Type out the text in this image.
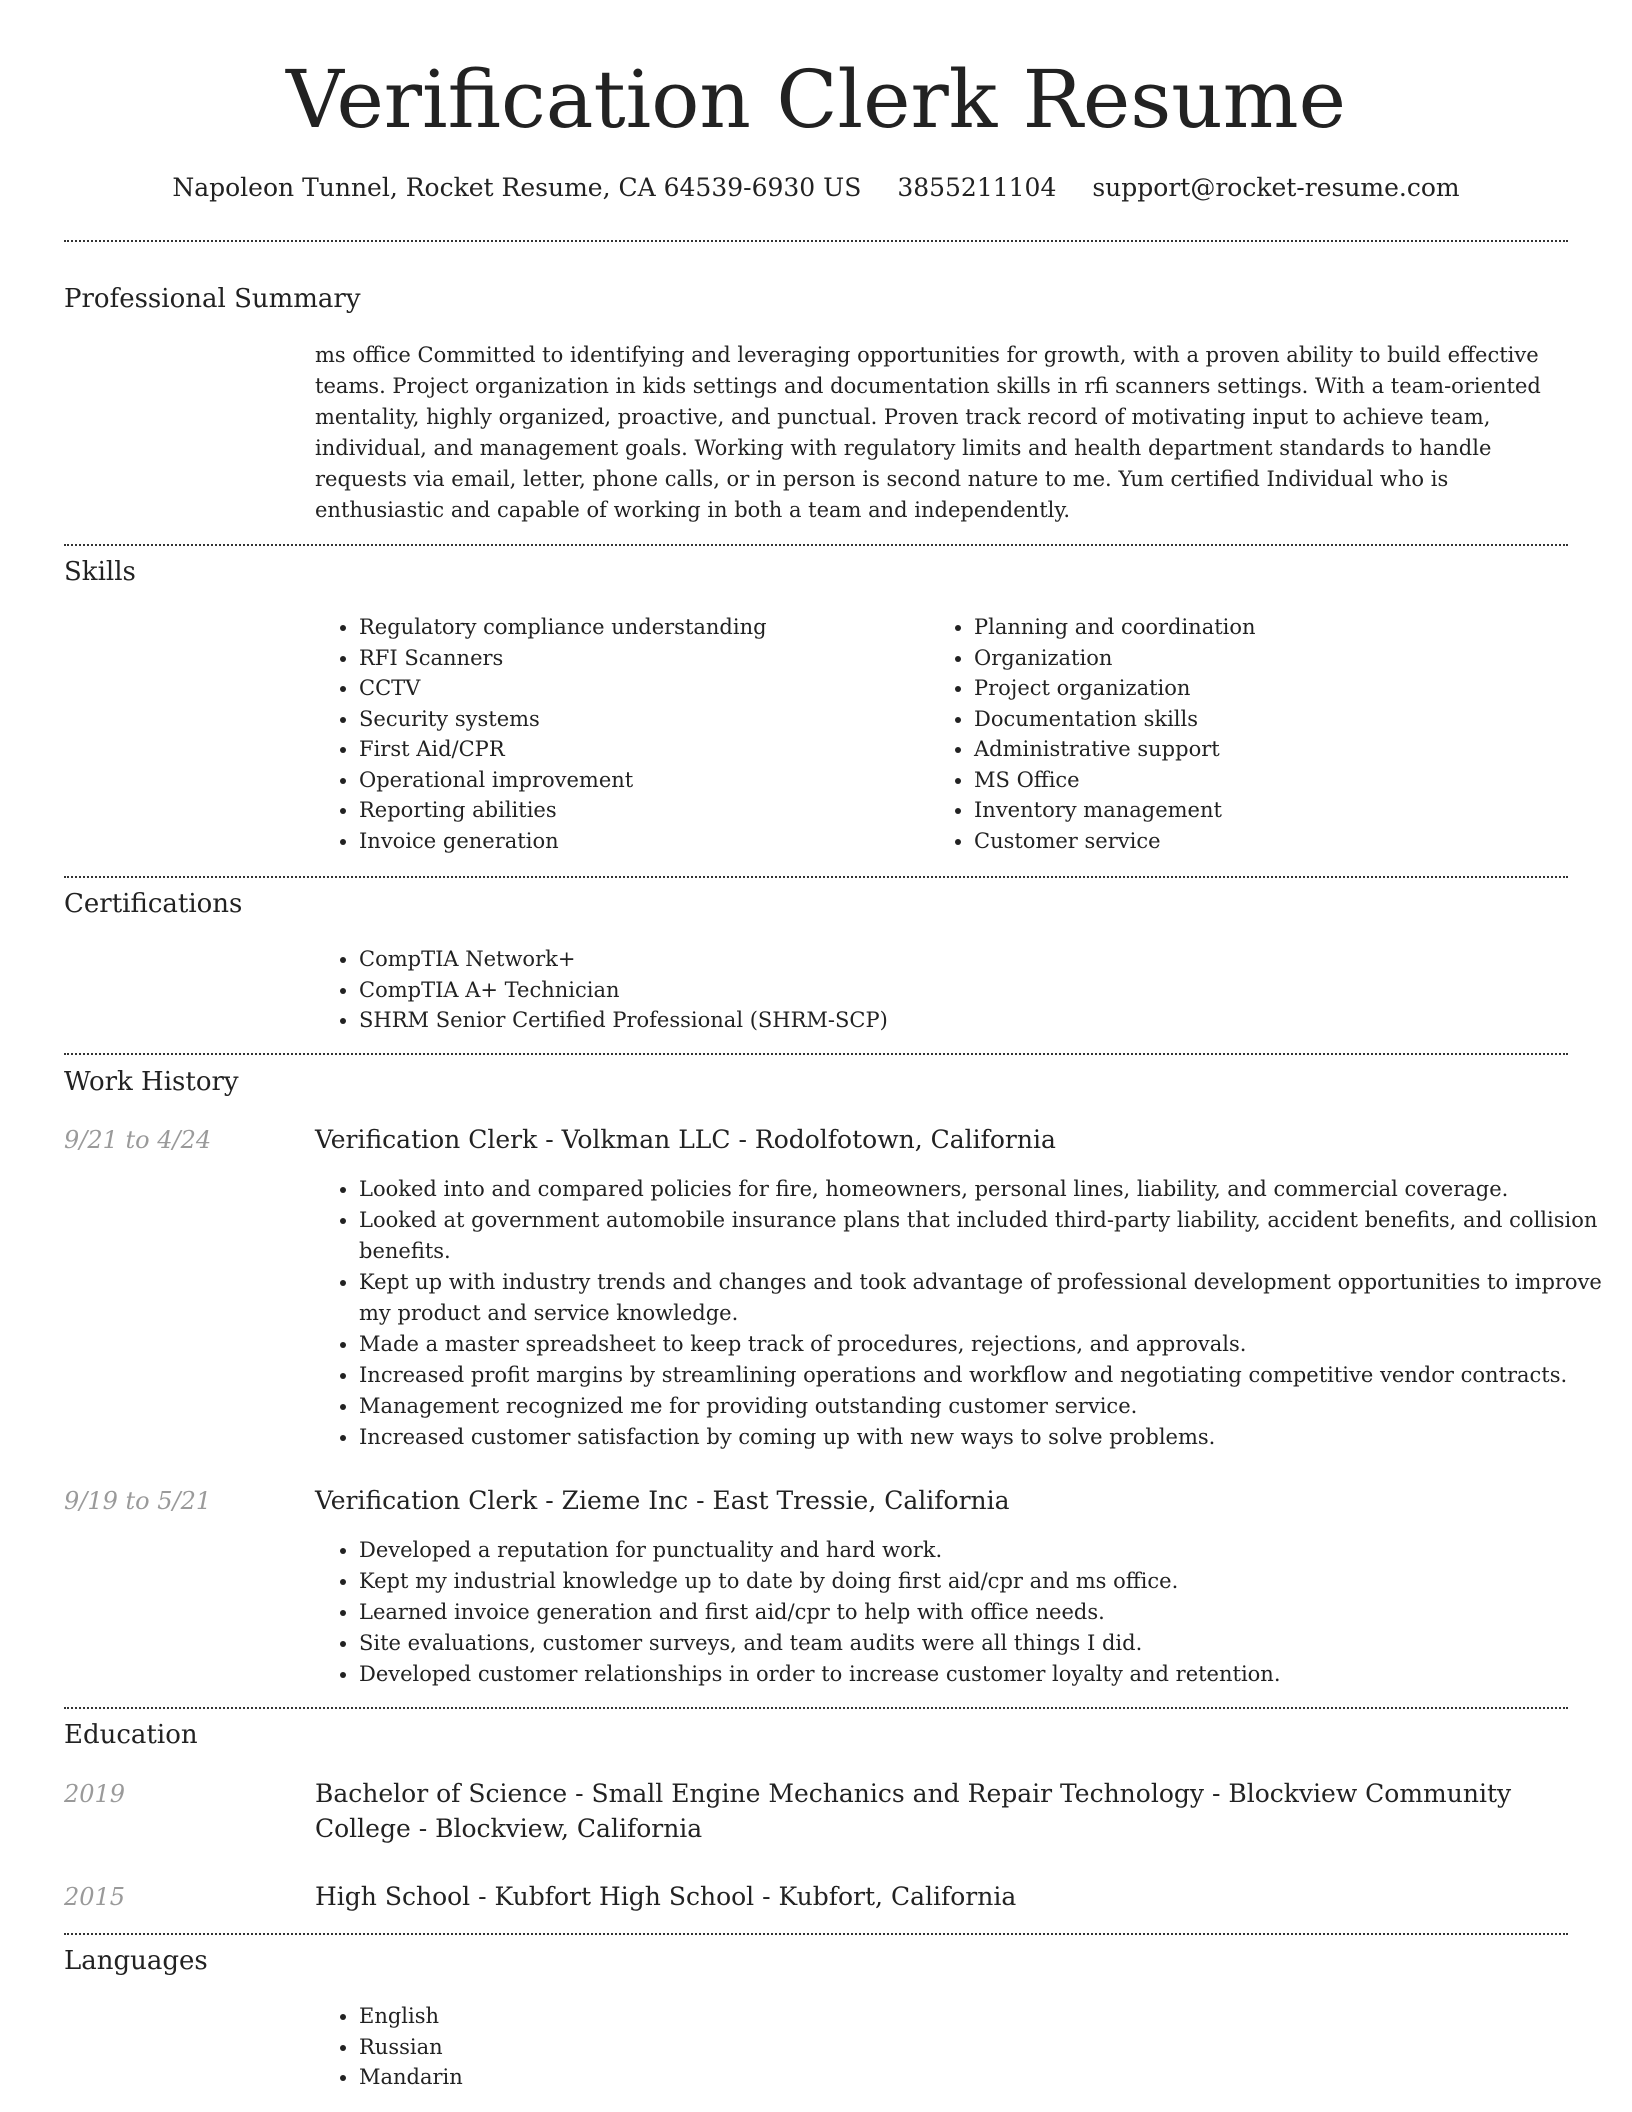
Verification Clerk Resume
Napoleon Tunnel, Rocket Resume, CA 64539-6930 US 3855211104 support@rocket-resume.com
Professional Summary

ms office Committed to identifying and leveraging opportunities for growth, with a proven ability to build effective teams. Project organization in kids settings and documentation skills in rfi scanners settings. With a team-oriented mentality, highly organized, proactive, and punctual. Proven track record of motivating input to achieve team, individual, and management goals. Working with regulatory limits and health department standards to handle requests via email, letter, phone calls, or in person is second nature to me. Yum certified Individual who is enthusiastic and capable of working in both a team and independently.

Skills
• Regulatory compliance understanding
• RFI Scanners
• CCTV
• Security systems
• First Aid/CPR
• Operational improvement
• Reporting abilities
• Invoice generation
• Planning and coordination
• Organization
• Project organization
• Documentation skills
• Administrative support
• MS Office
• Inventory management
• Customer service
Certifications
• CompTIA Network+
• CompTIA A+ Technician
• SHRM Senior Certified Professional (SHRM-SCP)
Work History
9/21 to 4/24	Verification Clerk - Volkman LLC - Rodolfotown, California
• Looked into and compared policies for fire, homeowners, personal lines, liability, and commercial coverage.
• Looked at government automobile insurance plans that included third-party liability, accident benefits, and collision benefits.
• Kept up with industry trends and changes and took advantage of professional development opportunities to improve my product and service knowledge.
• Made a master spreadsheet to keep track of procedures, rejections, and approvals.
• Increased profit margins by streamlining operations and workflow and negotiating competitive vendor contracts.
• Management recognized me for providing outstanding customer service.
• Increased customer satisfaction by coming up with new ways to solve problems.
9/19 to 5/21	Verification Clerk - Zieme Inc - East Tressie, California
• Developed a reputation for punctuality and hard work.
• Kept my industrial knowledge up to date by doing first aid/cpr and ms office.
• Learned invoice generation and first aid/cpr to help with office needs.
• Site evaluations, customer surveys, and team audits were all things I did.
• Developed customer relationships in order to increase customer loyalty and retention.
Education
2019	Bachelor of Science - Small Engine Mechanics and Repair Technology - Blockview Community College - Blockview, California
2015	High School - Kubfort High School - Kubfort, California
Languages
• English
• Russian
• Mandarin
